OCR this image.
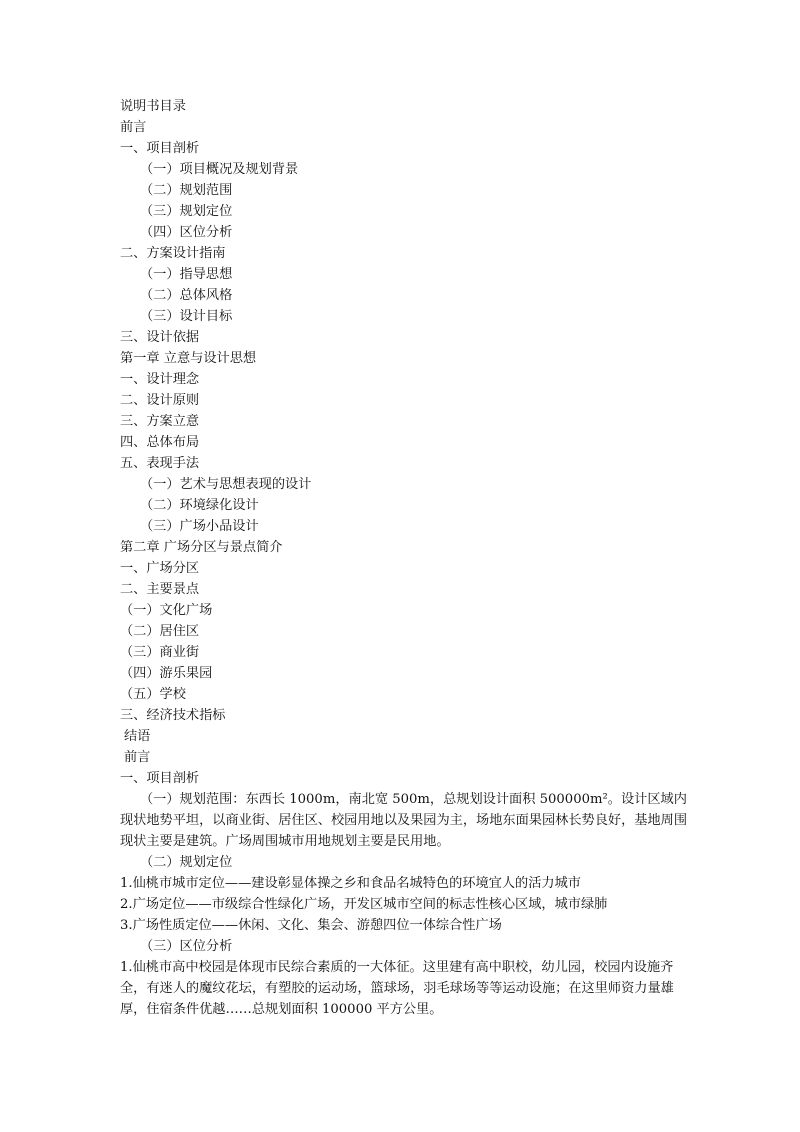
说明书目录
前言
一、项目剖析
（一）项目概况及规划背景
（二）规划范围
（三）规划定位
（四）区位分析
二、方案设计指南
（一）指导思想
（二）总体风格
（三）设计目标
三、设计依据
第一章 立意与设计思想
一、设计理念
二、设计原则
三、方案立意
四、总体布局
五、表现手法
（一）艺术与思想表现的设计
（二）环境绿化设计
（三）广场小品设计
第二章 广场分区与景点简介
一、广场分区
二、主要景点
（一）文化广场
（二）居住区
（三）商业街
（四）游乐果园
（五）学校
三、经济技术指标
结语
前言
一、项目剖析
（一）规划范围：东西长 1000m，南北宽 500m，总规划设计面积 500000m²。设计区域内现状地势平坦，以商业街、居住区、校园用地以及果园为主，场地东面果园林长势良好，基地周围现状主要是建筑。广场周围城市用地规划主要是民用地。
（二）规划定位
1.仙桃市城市定位——建设彰显体操之乡和食品名城特色的环境宜人的活力城市
2.广场定位——市级综合性绿化广场，开发区城市空间的标志性核心区域，城市绿肺
3.广场性质定位——休闲、文化、集会、游憩四位一体综合性广场
（三）区位分析
1.仙桃市高中校园是体现市民综合素质的一大体征。这里建有高中职校，幼儿园，校园内设施齐全，有迷人的魔纹花坛，有塑胶的运动场，篮球场，羽毛球场等等运动设施；在这里师资力量雄厚，住宿条件优越……总规划面积 100000 平方公里。
